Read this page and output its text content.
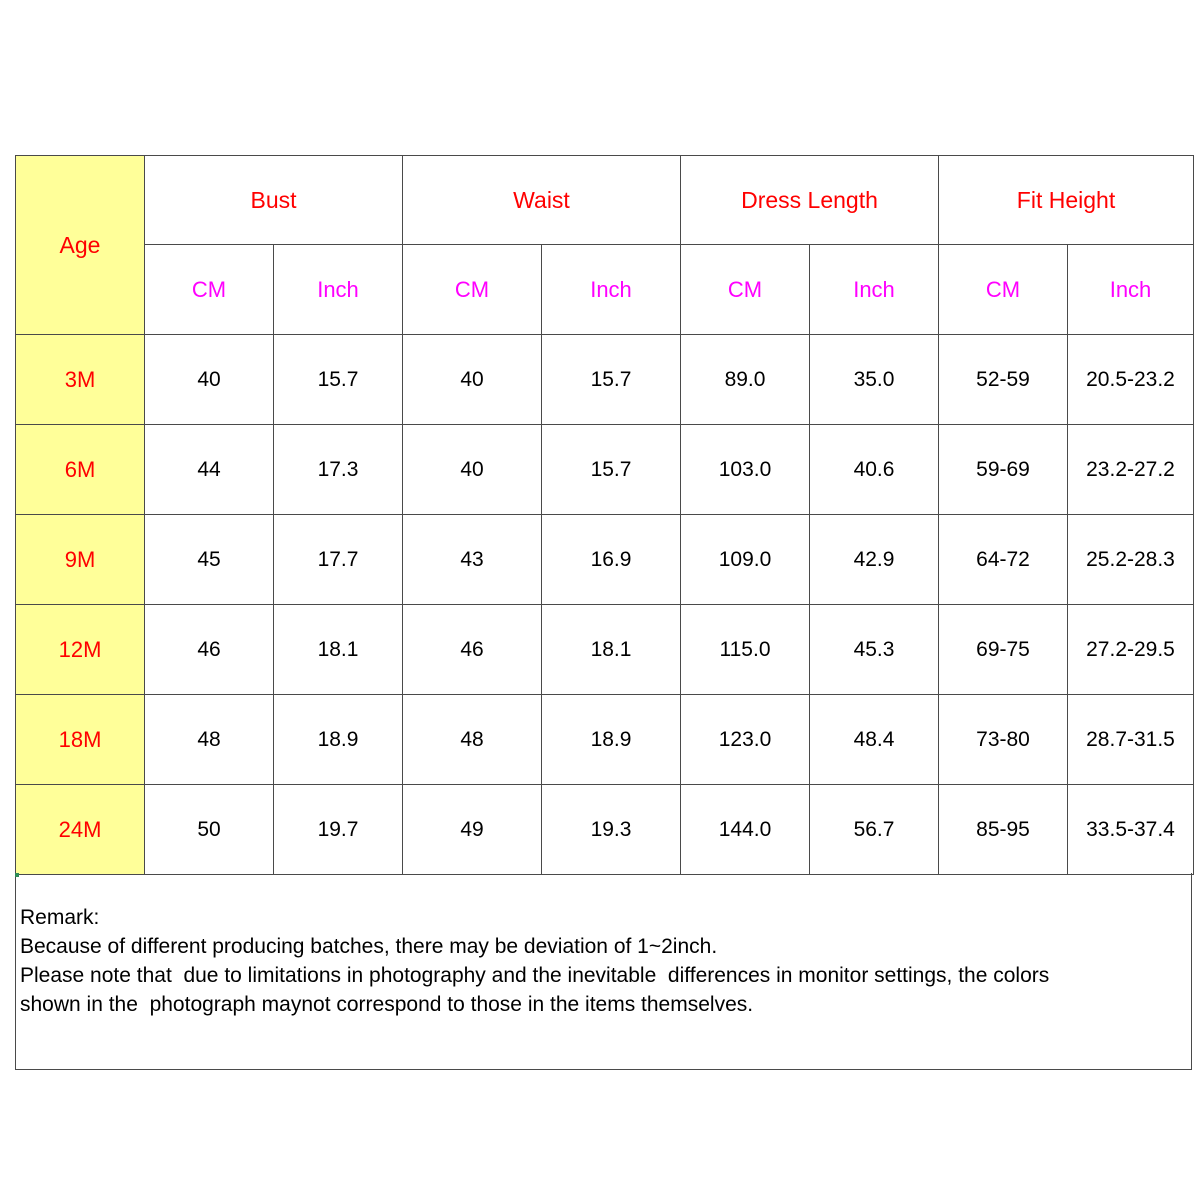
Age	Bust		Waist		Dress Length		Fit Height	
	CM	Inch	CM	Inch	CM	Inch	CM	Inch
3M	40	15.7	40	15.7	89.0	35.0	52-59	20.5-23.2
6M	44	17.3	40	15.7	103.0	40.6	59-69	23.2-27.2
9M	45	17.7	43	16.9	109.0	42.9	64-72	25.2-28.3
12M	46	18.1	46	18.1	115.0	45.3	69-75	27.2-29.5
18M	48	18.9	48	18.9	123.0	48.4	73-80	28.7-31.5
24M	50	19.7	49	19.3	144.0	56.7	85-95	33.5-37.4
Remark:
Because of different producing batches, there may be deviation of 1~2inch.
Please note that  due to limitations in photography and the inevitable  differences in monitor settings, the colors
shown in the  photograph maynot correspond to those in the items themselves.
